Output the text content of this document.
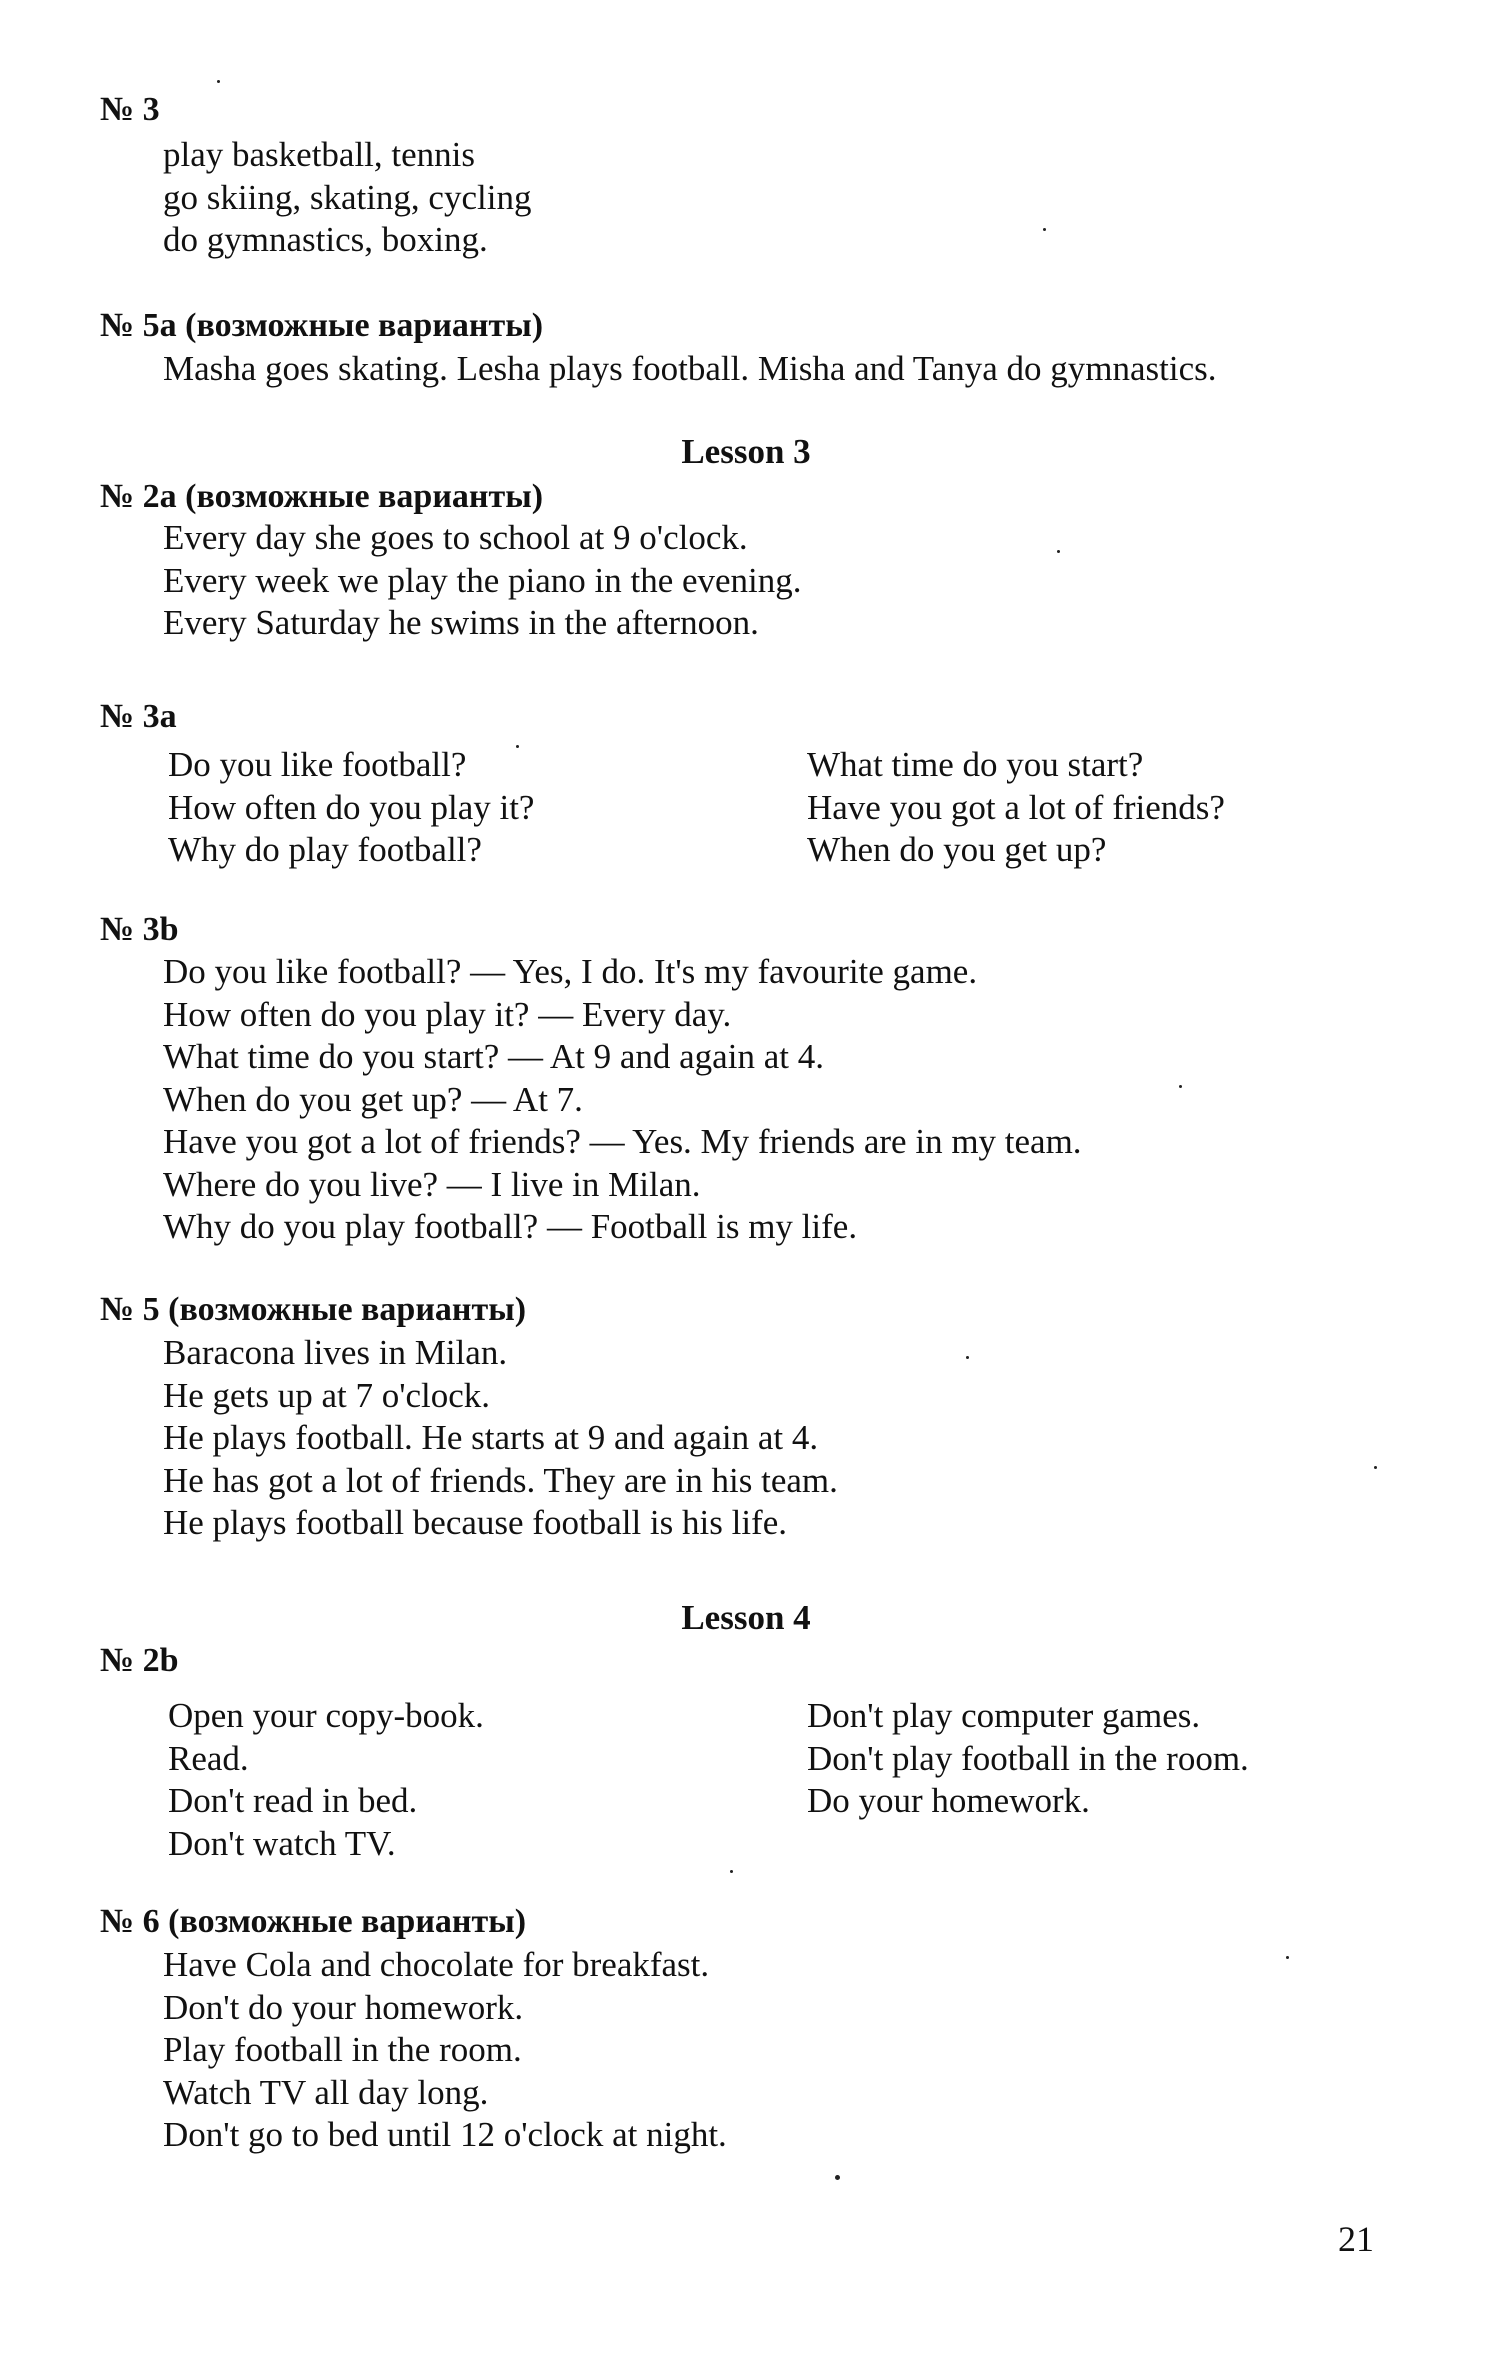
№ 3
play basketball, tennis
go skiing, skating, cycling
do gymnastics, boxing.
№ 5a (возможные варианты)
Masha goes skating. Lesha plays football. Misha and Tanya do gymnastics.
Lesson 3
№ 2a (возможные варианты)
Every day she goes to school at 9 o'clock.
Every week we play the piano in the evening.
Every Saturday he swims in the afternoon.
№ 3a
Do you like football?
How often do you play it?
Why do play football?
What time do you start?
Have you got a lot of friends?
When do you get up?
№ 3b
Do you like football? — Yes, I do. It's my favourite game.
How often do you play it? — Every day.
What time do you start? — At 9 and again at 4.
When do you get up? — At 7.
Have you got a lot of friends? — Yes. My friends are in my team.
Where do you live? — I live in Milan.
Why do you play football? — Football is my life.
№ 5 (возможные варианты)
Baracona lives in Milan.
He gets up at 7 o'clock.
He plays football. He starts at 9 and again at 4.
He has got a lot of friends. They are in his team.
He plays football because football is his life.
Lesson 4
№ 2b
Open your copy-book.
Read.
Don't read in bed.
Don't watch TV.
Don't play computer games.
Don't play football in the room.
Do your homework.
№ 6 (возможные варианты)
Have Cola and chocolate for breakfast.
Don't do your homework.
Play football in the room.
Watch TV all day long.
Don't go to bed until 12 o'clock at night.
21
